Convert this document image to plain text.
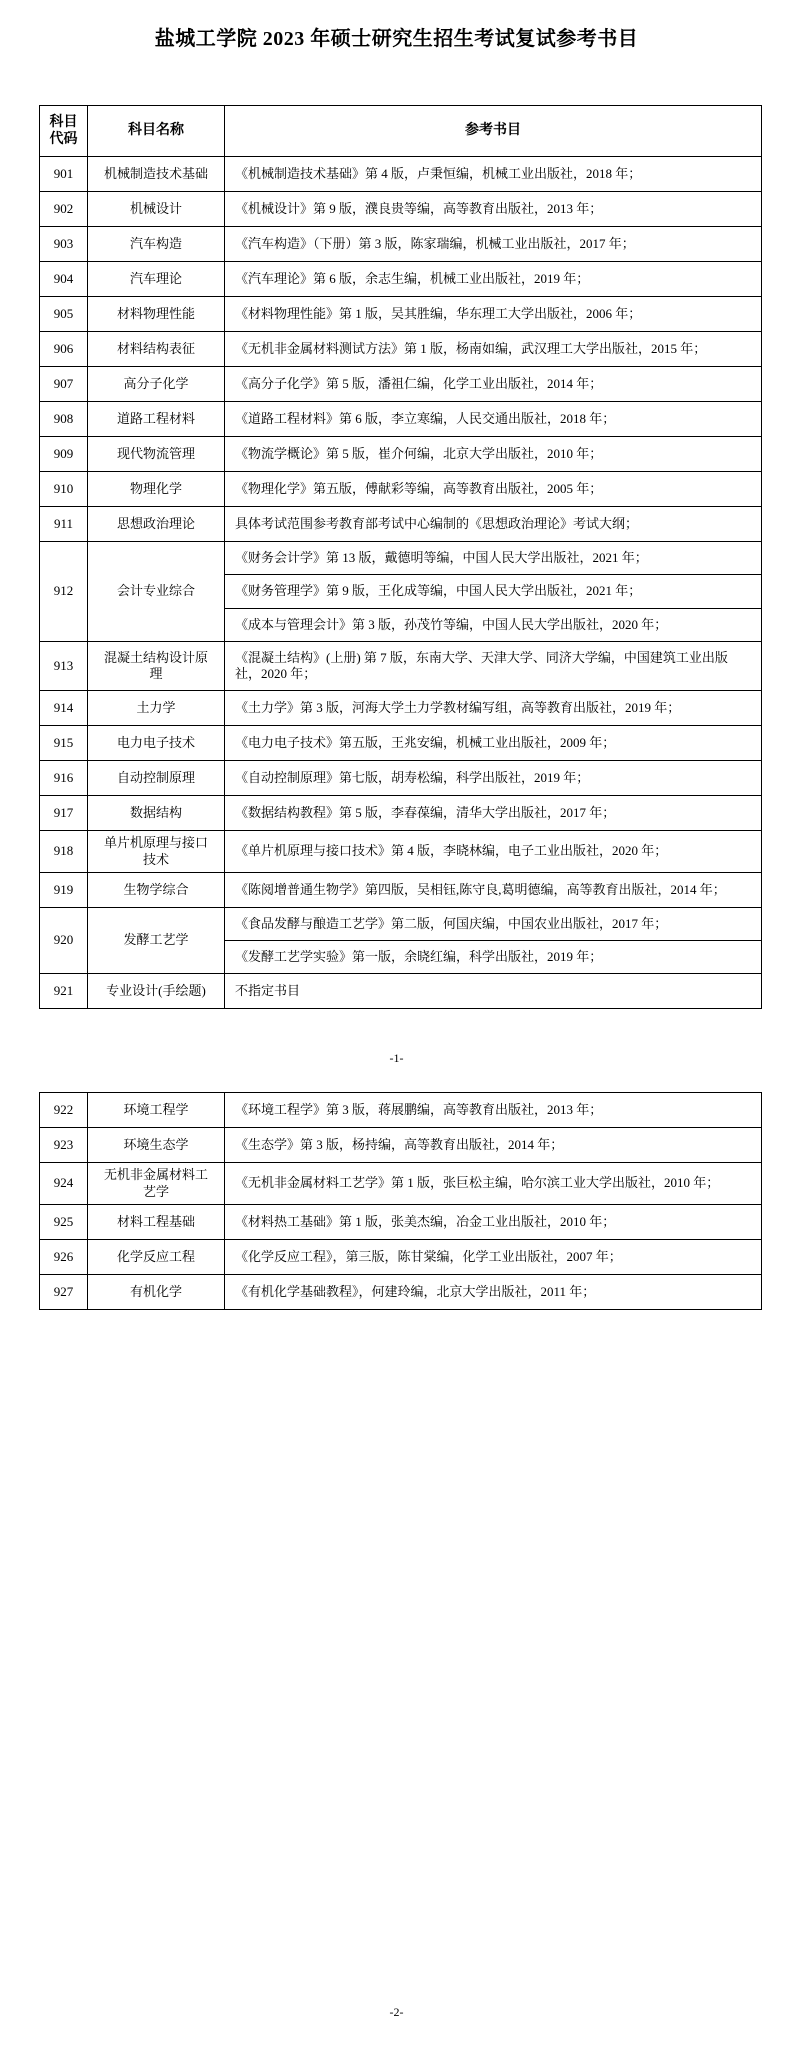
盐城工学院 2023 年硕士研究生招生考试复试参考书目
科目代码	科目名称	参考书目
901	机械制造技术基础	《机械制造技术基础》第 4 版，卢秉恒编，机械工业出版社，2018 年；

902	机械设计	《机械设计》第 9 版，濮良贵等编，高等教育出版社，2013 年；

903	汽车构造	《汽车构造》（下册）第 3 版，陈家瑞编，机械工业出版社，2017 年；

904	汽车理论	《汽车理论》第 6 版，余志生编，机械工业出版社，2019 年；

905	材料物理性能	《材料物理性能》第 1 版，吴其胜编，华东理工大学出版社，2006 年；

906	材料结构表征	《无机非金属材料测试方法》第 1 版，杨南如编，武汉理工大学出版社，2015 年；

907	高分子化学	《高分子化学》第 5 版，潘祖仁编，化学工业出版社，2014 年；

908	道路工程材料	《道路工程材料》第 6 版，李立寒编，人民交通出版社，2018 年；

909	现代物流管理	《物流学概论》第 5 版，崔介何编，北京大学出版社，2010 年；

910	物理化学	《物理化学》第五版，傅献彩等编，高等教育出版社，2005 年；

911	思想政治理论	具体考试范围参考教育部考试中心编制的《思想政治理论》考试大纲；

912	会计专业综合	《财务会计学》第 13 版，戴德明等编，中国人民大学出版社，2021 年；
《财务管理学》第 9 版，王化成等编，中国人民大学出版社，2021 年；
《成本与管理会计》第 3 版，孙茂竹等编，中国人民大学出版社，2020 年；

913	混凝土结构设计原理	《混凝土结构》(上册) 第 7 版，东南大学、天津大学、同济大学编，中国建筑工业出版社，2020 年；

914	土力学	《土力学》第 3 版，河海大学土力学教材编写组，高等教育出版社，2019 年；

915	电力电子技术	《电力电子技术》第五版，王兆安编，机械工业出版社，2009 年；

916	自动控制原理	《自动控制原理》第七版，胡寿松编，科学出版社，2019 年；

917	数据结构	《数据结构教程》第 5 版，李春葆编，清华大学出版社，2017 年；

918	单片机原理与接口技术	《单片机原理与接口技术》第 4 版，李晓林编，电子工业出版社，2020 年；

919	生物学综合	《陈阅增普通生物学》第四版，吴相钰,陈守良,葛明德编，高等教育出版社，2014 年；

920	发酵工艺学	《食品发酵与酿造工艺学》第二版，何国庆编，中国农业出版社，2017 年；
《发酵工艺学实验》第一版，余晓红编，科学出版社，2019 年；

921	专业设计(手绘题)	不指定书目
-1-
922	环境工程学	《环境工程学》第 3 版，蒋展鹏编，高等教育出版社，2013 年；

923	环境生态学	《生态学》第 3 版，杨持编，高等教育出版社，2014 年；

924	无机非金属材料工艺学	《无机非金属材料工艺学》第 1 版，张巨松主编，哈尔滨工业大学出版社，2010 年；

925	材料工程基础	《材料热工基础》第 1 版，张美杰编，冶金工业出版社，2010 年；

926	化学反应工程	《化学反应工程》，第三版，陈甘棠编，化学工业出版社，2007 年；

927	有机化学	《有机化学基础教程》，何建玲编，北京大学出版社，2011 年；
-2-
